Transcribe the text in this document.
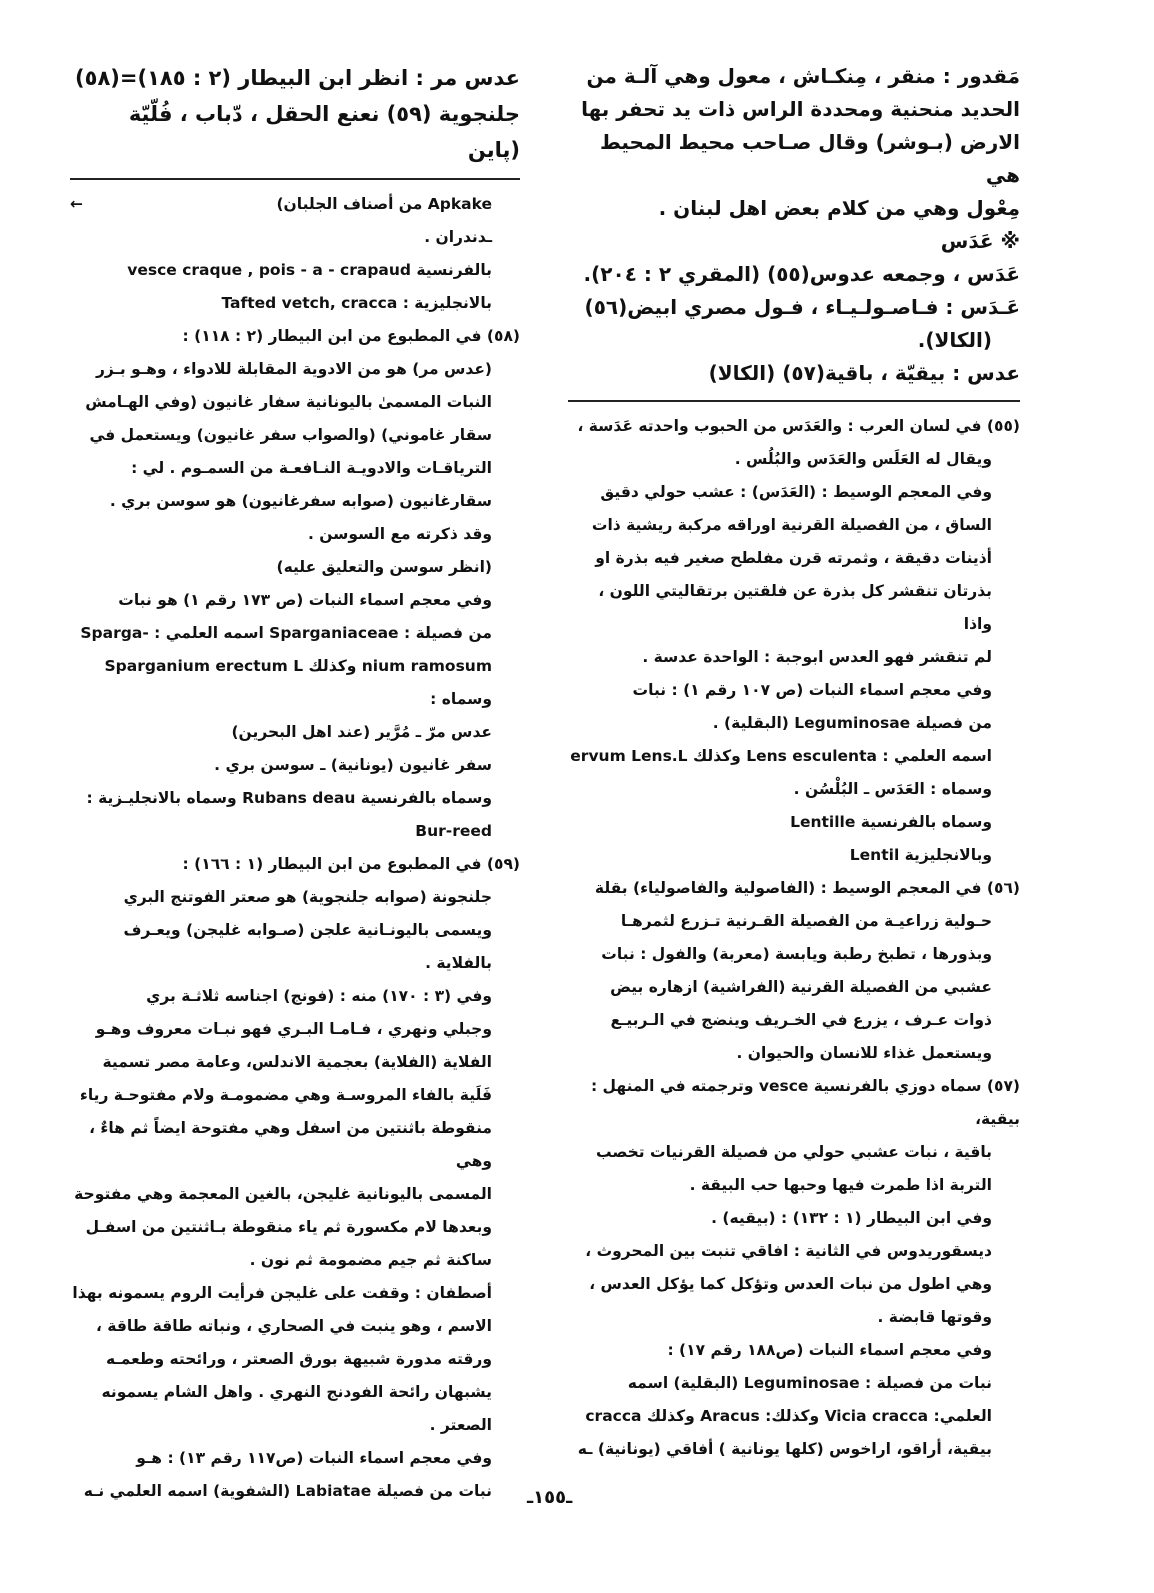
مَقدور : منقر ، مِنكـاش ، معول وهي آلـة من

الحديد منحنية ومحددة الراس ذات يد تحفر بها

الارض (بـوشر) وقال صـاحب محيط المحيط هي

مِعْول وهي من كلام بعض اهل لبنان .

※ عَدَس

عَدَس ، وجمعه عدوس(٥٥) (المقري ٢ : ٢٠٤).

عَـدَس : فـاصـولـيـاء ، فـول مصري ابيض(٥٦)

(الكالا).

عدس : بيقيّة ، باقية(٥٧) (الكالا)

(٥٥) في لسان العرب : والعَدَس من الحبوب واحدته عَدَسة ،

ويقال له العَلَس والعَدَس والبُلُس .

وفي المعجم الوسيط : (العَدَس) : عشب حولي دقيق

الساق ، من الفصيلة القرنية اوراقه مركبة ريشية ذات

أذينات دقيقة ، وثمرته قرن مفلطح صغير فيه بذرة او

بذرتان تنقشر كل بذرة عن فلقتين برتقاليتي اللون ، واذا

لم تنقشر فهو العدس ابوجبة : الواحدة عدسة .

وفي معجم اسماء النبات (ص ١٠٧ رقم ١) : نبات

من فصيلة Leguminosae (البقلية) .

اسمه العلمي : Lens esculenta وكذلك ervum Lens.L

وسماه : العَدَس ـ البُلْسُن .

وسماه بالفرنسية Lentille

وبالانجليزية Lentil

(٥٦) في المعجم الوسيط : (الفاصولية والفاصولياء) بقلة

حـولية زراعيـة من الفصيلة القـرنية تـزرع لثمرهـا

وبذورها ، تطبخ رطبة ويابسة (معربة) والفول : نبات

عشبي من الفصيلة القرنية (الفراشية) ازهاره بيض

ذوات عـرف ، يزرع في الخـريف وينضج في الـربيـع

ويستعمل غذاء للانسان والحيوان .

(٥٧) سماه دوزي بالفرنسية vesce وترجمته في المنهل : بيقية،

باقية ، نبات عشبي حولي من فصيلة القرنيات تخصب

التربة اذا طمرت فيها وحبها حب البيقة .

وفي ابن البيطار (١ : ١٣٢) : (بيقيه) .

ديسقوريدوس في الثانية : افاقي تنبت بين المحروث ،

وهي اطول من نبات العدس وتؤكل كما يؤكل العدس ،

وقوتها قابضة .

وفي معجم اسماء النبات (ص١٨٨ رقم ١٧) :

نبات من فصيلة : Leguminosae (البقلية) اسمه

العلمي: Vicia cracca وكذلك: Aracus وكذلك cracca

بيقية، أراقو، اراخوس (كلها يونانية ) أفاقي (يونانية) ـه

عدس مر : انظر ابن البيطار (٢ : ١٨٥)=(٥٨)

جلنجوية (٥٩) نعنع الحقل ، دّباب ، فُلّيّة (پاين

←	Apkake من أصناف الجلبان)

ـدندران .

بالفرنسية vesce craque , pois - a - crapaud

بالانجليزية : Tafted vetch, cracca

(٥٨) في المطبوع من ابن البيطار (٢ : ١١٨) :

(عدس مر) هو من الادوية المقابلة للادواء ، وهـو بـزر

النبات المسمىٰ باليونانية سفار غانيون (وفي الهـامش

سقار غاموني) (والصواب سفر غانيون) ويستعمل في

الترياقـات والادويـة النـافعـة من السمـوم . لي :

سقارغانيون (صوابه سفرغانيون) هو سوسن بري .

وقد ذكرته مع السوسن .

(انظر سوسن والتعليق عليه)

وفي معجم اسماء النبات (ص ١٧٣ رقم ١) هو نبات

من فصيلة : Sparganiaceae اسمه العلمي : -Sparga

nium ramosum وكذلك Sparganium erectum L وسماه :

عدس مرّ ـ مُرَّير (عند اهل البحرين)

سفر غانيون (يونانية) ـ سوسن بري .

وسماه بالفرنسية Rubans deau وسماه بالانجليـزية :

Bur-reed

(٥٩) في المطبوع من ابن البيطار (١ : ١٦٦) :

جلنجونة (صوابه جلنجوية) هو صعتر الفوتنج البري

ويسمى باليونـانية علجن (صـوابه غليجن) ويعـرف

بالفلاية .

وفي (٣ : ١٧٠) منه : (فونج) اجناسه ثلاثـة بري

وجبلي ونهري ، فـامـا البـري فهو نبـات معروف وهـو

الفلاية (الفلاية) بعجمية الاندلس، وعامة مصر تسمية

فَلَية بالفاء المروسـة وهي مضمومـة ولام مفتوحـة رياء

منقوطة باثنتين من اسفل وهي مفتوحة ايضاً ثم هاءٌ ، وهي

المسمى باليونانية غليجن، بالغين المعجمة وهي مفتوحة

وبعدها لام مكسورة ثم ياء منقوطة بـاثنتين من اسفـل

ساكنة ثم جيم مضمومة ثم نون .

أصطفان : وقفت على غليجن فرأيت الروم يسمونه بهذا

الاسم ، وهو ينبت في الصحاري ، ونباته طاقة طاقة ،

ورقته مدورة شبيهة بورق الصعتر ، ورائحته وطعمـه

يشبهان رائحة الفودنج النهري . واهل الشام يسمونه

الصعتر .

وفي معجم اسماء النبات (ص١١٧ رقم ١٣) : هـو

نبات من فصيلة Labiatae (الشفوية) اسمه العلمي نـه	ـ١٥٥ـ
